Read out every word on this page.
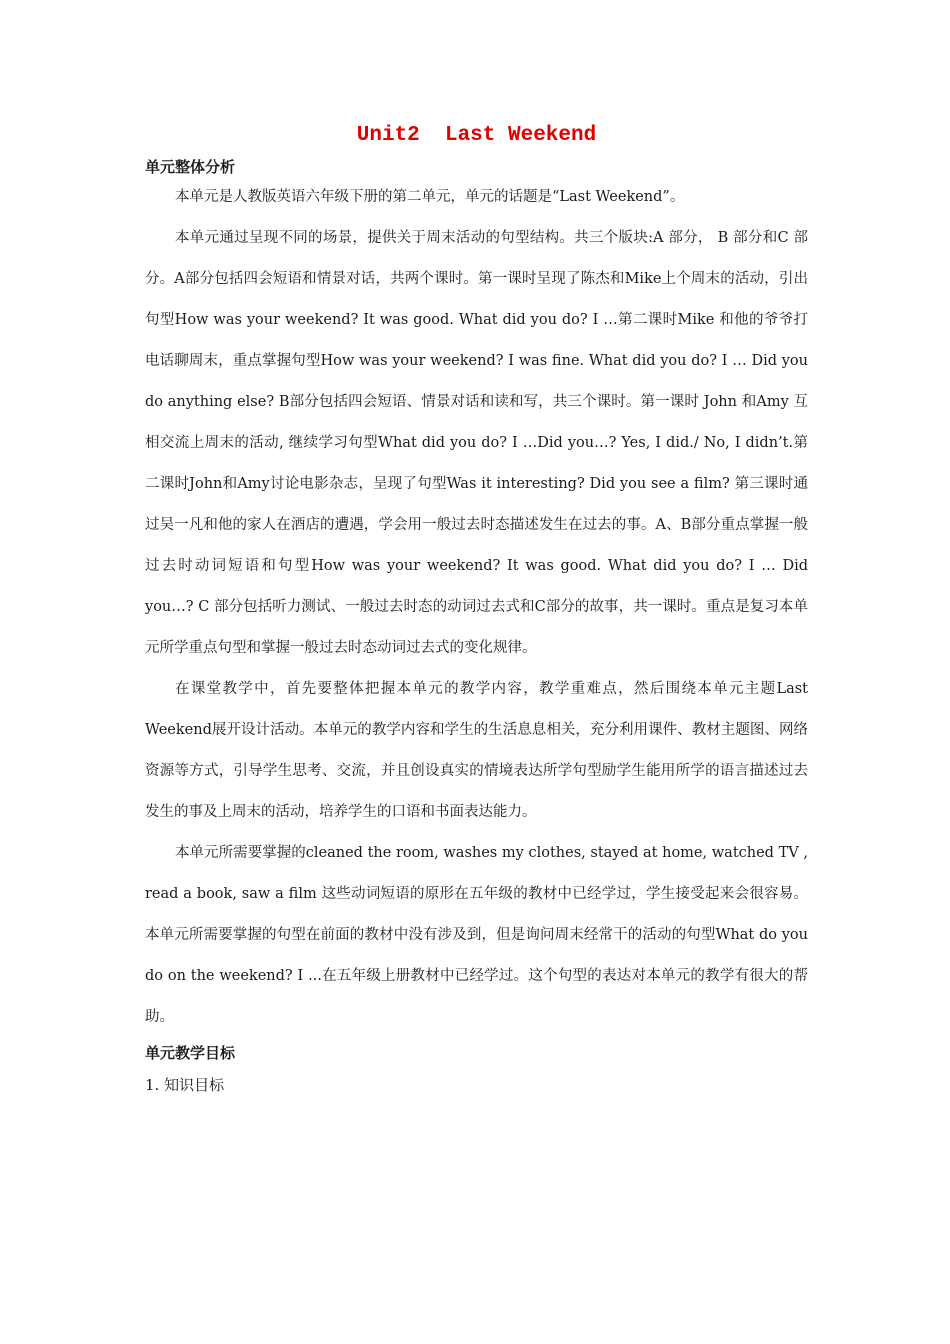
Unit2  Last Weekend
单元整体分析

本单元是人教版英语六年级下册的第二单元，单元的话题是“Last Weekend”。

本单元通过呈现不同的场景，提供关于周末活动的句型结构。共三个版块:A 部分， B 部分和C 部分。A部分包括四会短语和情景对话，共两个课时。第一课时呈现了陈杰和Mike上个周末的活动，引出句型How was your weekend? It was good. What did you do? I …第二课时Mike 和他的爷爷打电话聊周末，重点掌握句型How was your weekend? I was fine. What did you do? I … Did you do anything else? B部分包括四会短语、情景对话和读和写，共三个课时。第一课时 John 和Amy 互相交流上周末的活动, 继续学习句型What did you do? I …Did you…? Yes, I did./ No, I didn’t.第二课时John和Amy讨论电影杂志，呈现了句型Was it interesting? Did you see a film? 第三课时通过吴一凡和他的家人在酒店的遭遇，学会用一般过去时态描述发生在过去的事。A、B部分重点掌握一般过去时动词短语和句型How was your weekend? It was good. What did you do? I … Did you…? C 部分包括听力测试、一般过去时态的动词过去式和C部分的故事，共一课时。重点是复习本单元所学重点句型和掌握一般过去时态动词过去式的变化规律。

在课堂教学中，首先要整体把握本单元的教学内容，教学重难点，然后围绕本单元主题Last Weekend展开设计活动。本单元的教学内容和学生的生活息息相关，充分利用课件、教材主题图、网络资源等方式，引导学生思考、交流，并且创设真实的情境表达所学句型励学生能用所学的语言描述过去发生的事及上周末的活动，培养学生的口语和书面表达能力。

本单元所需要掌握的cleaned the room, washes my clothes, stayed at home, watched TV , read a book, saw a film 这些动词短语的原形在五年级的教材中已经学过，学生接受起来会很容易。本单元所需要掌握的句型在前面的教材中没有涉及到，但是询问周末经常干的活动的句型What do you do on the weekend? I ...在五年级上册教材中已经学过。这个句型的表达对本单元的教学有很大的帮助。

单元教学目标
1. 知识目标
